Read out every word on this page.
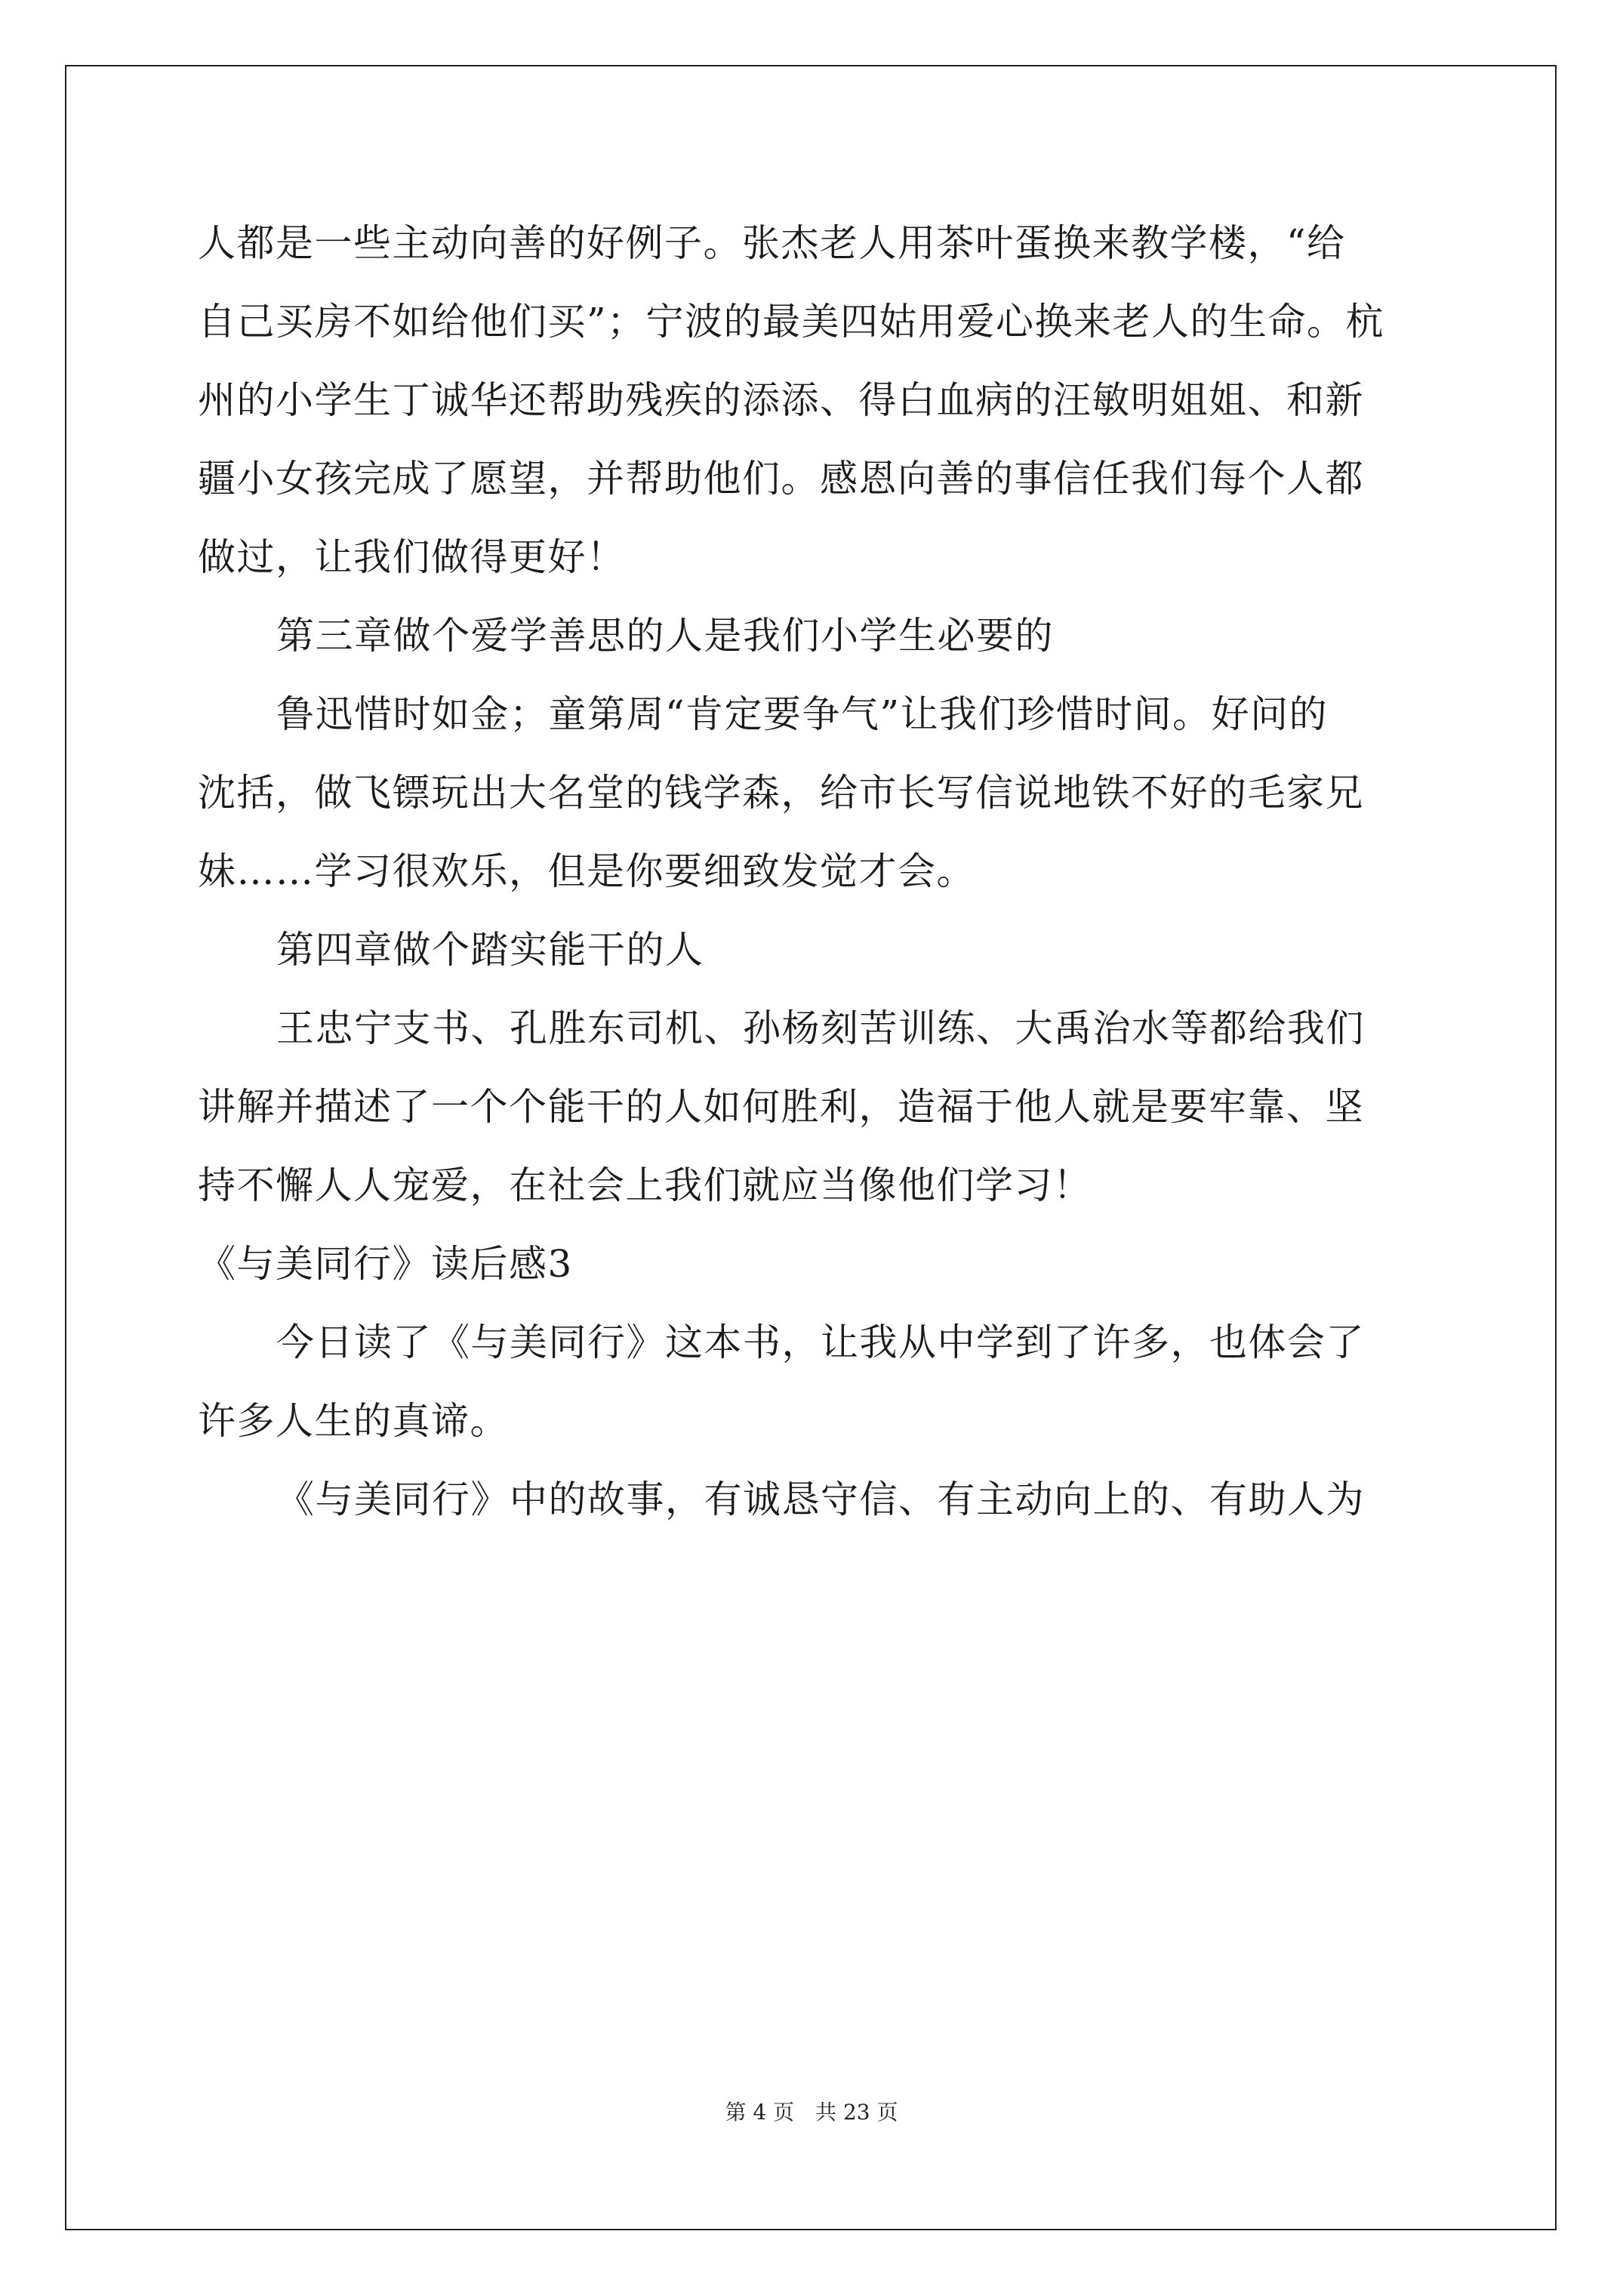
人都是一些主动向善的好例子。张杰老人用茶叶蛋换来教学楼，“给
自己买房不如给他们买”；宁波的最美四姑用爱心换来老人的生命。杭
州的小学生丁诚华还帮助残疾的添添、得白血病的汪敏明姐姐、和新
疆小女孩完成了愿望，并帮助他们。感恩向善的事信任我们每个人都
做过，让我们做得更好！
第三章做个爱学善思的人是我们小学生必要的
鲁迅惜时如金；童第周“肯定要争气”让我们珍惜时间。好问的
沈括，做飞镖玩出大名堂的钱学森，给市长写信说地铁不好的毛家兄
妹……学习很欢乐，但是你要细致发觉才会。
第四章做个踏实能干的人
王忠宁支书、孔胜东司机、孙杨刻苦训练、大禹治水等都给我们
讲解并描述了一个个能干的人如何胜利，造福于他人就是要牢靠、坚
持不懈人人宠爱，在社会上我们就应当像他们学习！
《与美同行》读后感3
今日读了《与美同行》这本书，让我从中学到了许多，也体会了
许多人生的真谛。
《与美同行》中的故事，有诚恳守信、有主动向上的、有助人为
第 4 页　共 23 页
